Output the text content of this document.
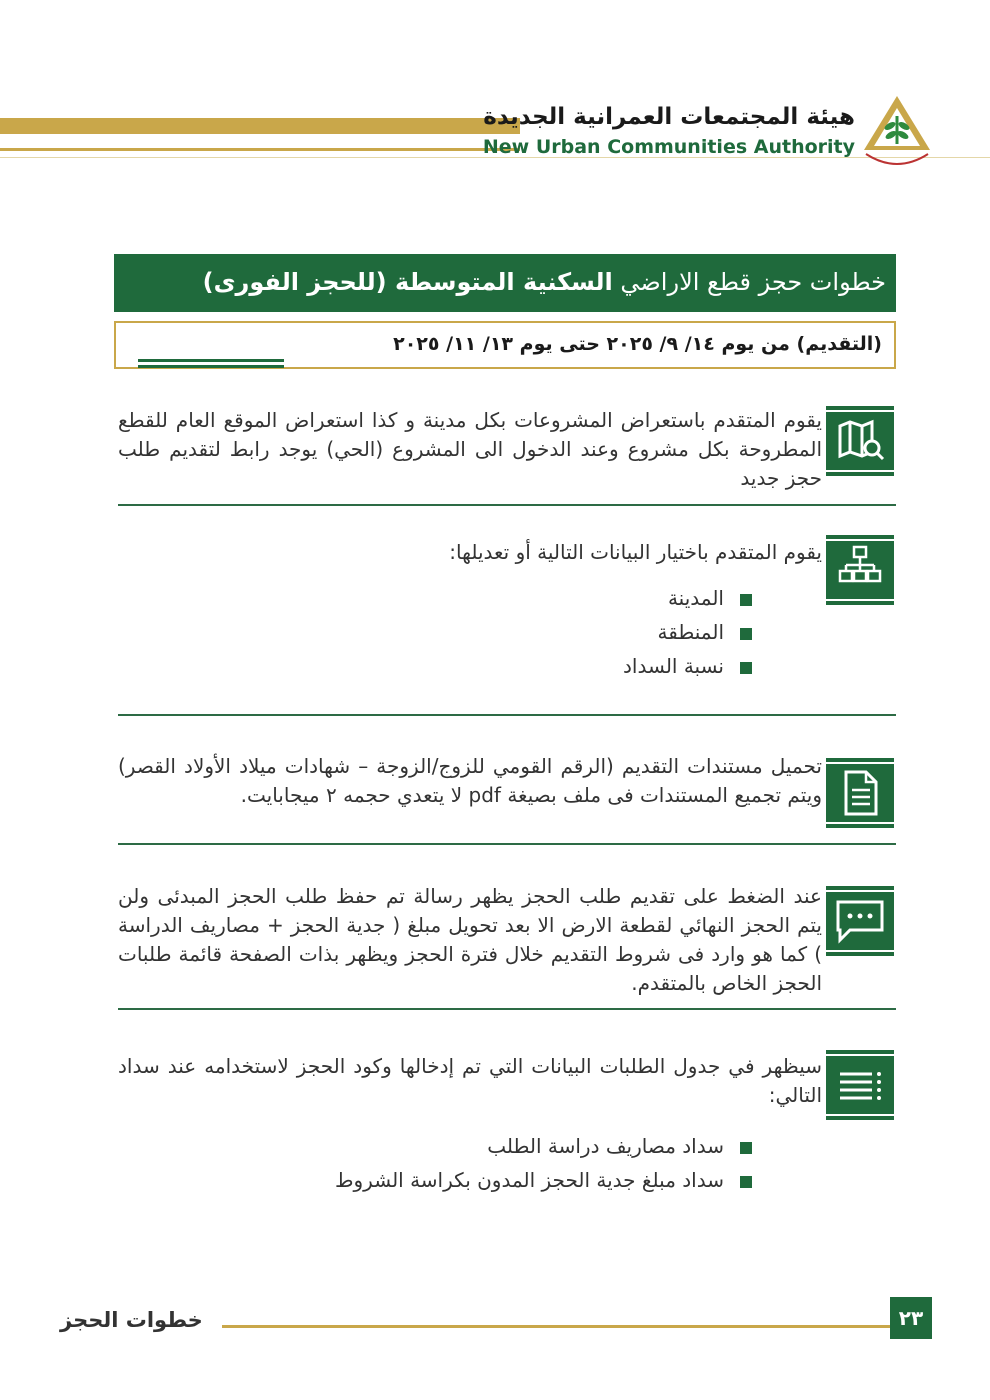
هيئة المجتمعات العمرانية الجديدة
New Urban Communities Authority
خطوات حجز قطع الاراضي السكنية المتوسطة (للحجز الفورى)
(التقديم) من يوم ١٤/ ٩/ ٢٠٢٥ حتى يوم ١٣/ ١١/ ٢٠٢٥
يقوم المتقدم باستعراض المشروعات بكل مدينة و كذا استعراض الموقع العام للقطع المطروحة بكل مشروع وعند الدخول الى المشروع (الحي) يوجد رابط لتقديم طلب حجز جديد
يقوم المتقدم باختيار البيانات التالية أو تعديلها:
المدينة
المنطقة
نسبة السداد
تحميل مستندات التقديم (الرقم القومي للزوج/الزوجة – شهادات ميلاد الأولاد القصر) ويتم تجميع المستندات فى ملف بصيغة pdf لا يتعدي حجمه ٢ ميجابايت.
عند الضغط على تقديم طلب الحجز يظهر رسالة تم حفظ طلب الحجز المبدئى ولن يتم الحجز النهائي لقطعة الارض الا بعد تحويل مبلغ ( جدية الحجز + مصاريف الدراسة ) كما هو وارد فى شروط التقديم خلال فترة الحجز ويظهر بذات الصفحة قائمة طلبات الحجز الخاص بالمتقدم.
سيظهر في جدول الطلبات البيانات التي تم إدخالها وكود الحجز لاستخدامه عند سداد التالي:
سداد مصاريف دراسة الطلب
سداد مبلغ جدية الحجز المدون بكراسة الشروط
خطوات الحجز	٢٣
